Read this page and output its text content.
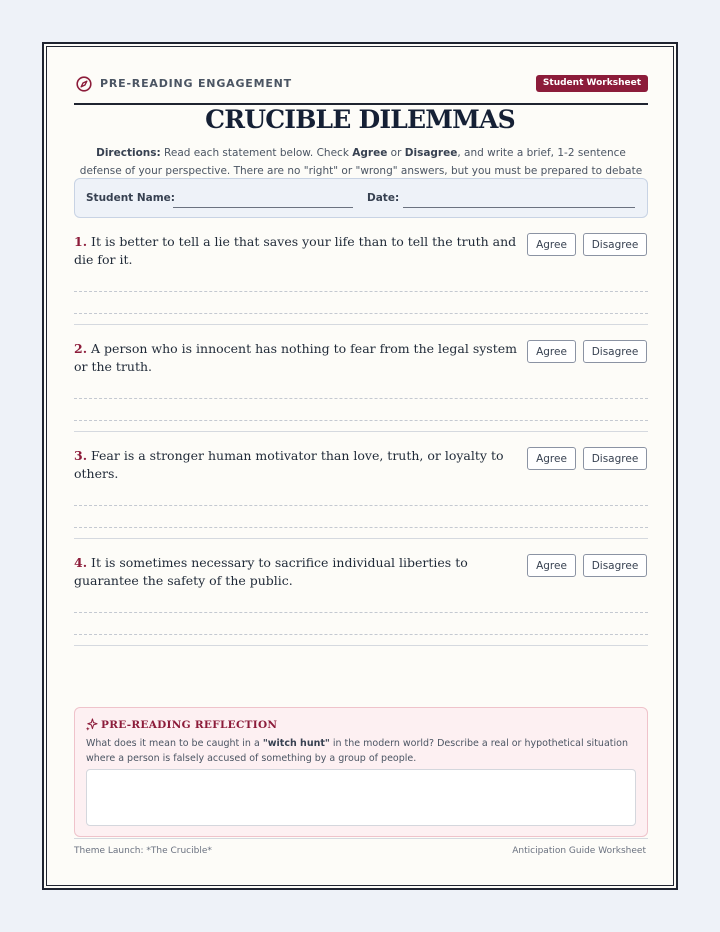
PRE-READING ENGAGEMENT	Student Worksheet
CRUCIBLE DILEMMAS
Directions: Read each statement below. Check Agree or Disagree, and write a brief, 1-2 sentence defense of your perspective. There are no "right" or "wrong" answers, but you must be prepared to debate
Student Name:	Date:
1. It is better to tell a lie that saves your life than to tell the truth and die for it.
Agree	Disagree
2. A person who is innocent has nothing to fear from the legal system or the truth.
Agree	Disagree
3. Fear is a stronger human motivator than love, truth, or loyalty to others.
Agree	Disagree
4. It is sometimes necessary to sacrifice individual liberties to guarantee the safety of the public.
Agree	Disagree
PRE-READING REFLECTION
What does it mean to be caught in a "witch hunt" in the modern world? Describe a real or hypothetical situation where a person is falsely accused of something by a group of people.
Theme Launch: *The Crucible*	Anticipation Guide Worksheet
